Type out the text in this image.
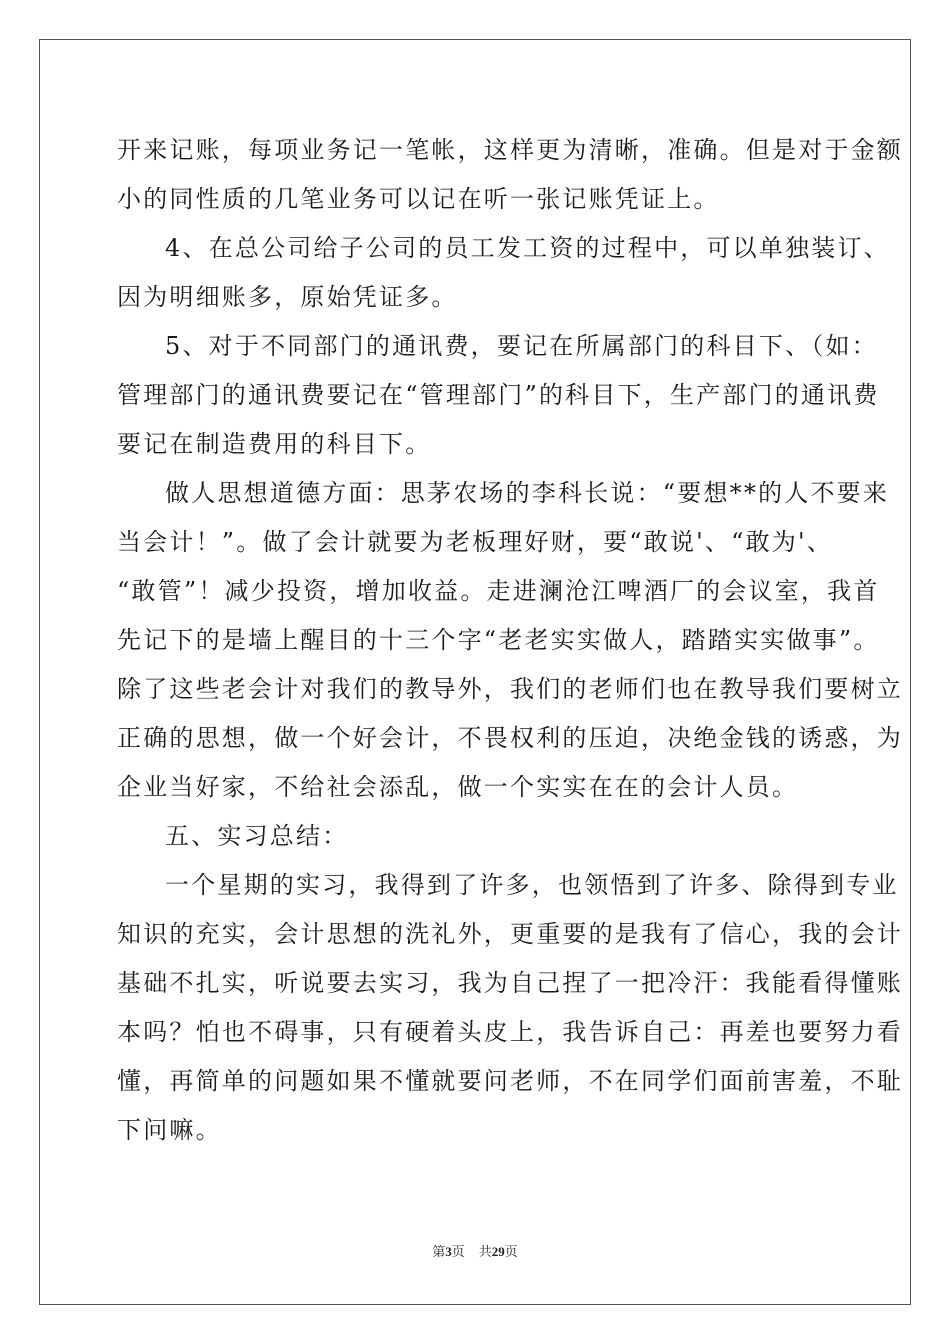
开来记账，每项业务记一笔帐，这样更为清晰，准确。但是对于金额
小的同性质的几笔业务可以记在听一张记账凭证上。
4、在总公司给子公司的员工发工资的过程中，可以单独装订、
因为明细账多，原始凭证多。
5、对于不同部门的通讯费，要记在所属部门的科目下、（如：
管理部门的通讯费要记在“管理部门”的科目下，生产部门的通讯费
要记在制造费用的科目下。
做人思想道德方面：思茅农场的李科长说：“要想**的人不要来
当会计！”。做了会计就要为老板理好财，要“敢说'、“敢为'、
“敢管”！减少投资，增加收益。走进澜沧江啤酒厂的会议室，我首
先记下的是墙上醒目的十三个字“老老实实做人，踏踏实实做事”。
除了这些老会计对我们的教导外，我们的老师们也在教导我们要树立
正确的思想，做一个好会计，不畏权利的压迫，决绝金钱的诱惑，为
企业当好家，不给社会添乱，做一个实实在在的会计人员。
五、实习总结：
一个星期的实习，我得到了许多，也领悟到了许多、除得到专业
知识的充实，会计思想的洗礼外，更重要的是我有了信心，我的会计
基础不扎实，听说要去实习，我为自己捏了一把冷汗：我能看得懂账
本吗？怕也不碍事，只有硬着头皮上，我告诉自己：再差也要努力看
懂，再简单的问题如果不懂就要问老师，不在同学们面前害羞，不耻
下问嘛。
第3页 共29页
